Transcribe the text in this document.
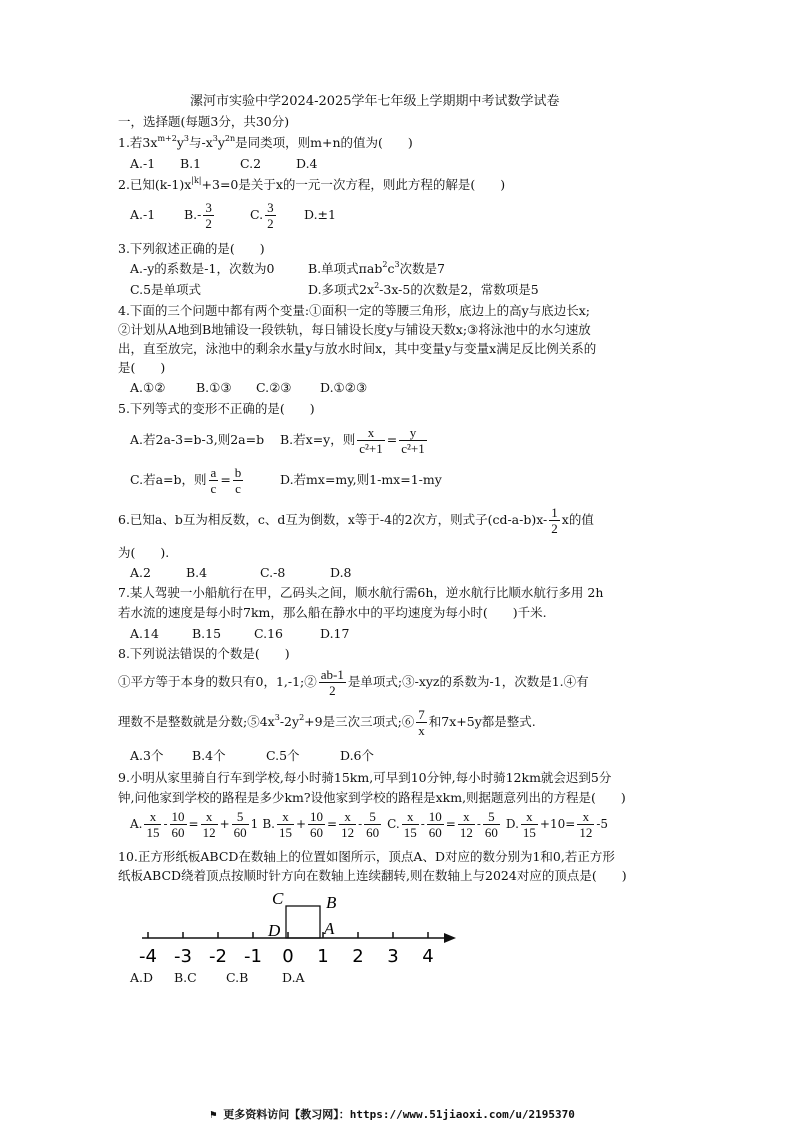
漯河市实验中学2024-2025学年七年级上学期期中考试数学试卷
一，选择题(每题3分，共30分)
1.若$3x^{m+2}y^3$与$-x^3y^{2n}$是同类项，则m+n的值为(　　)
A.-1 B.1	C.2	D.4
2.已知$(k-1)x^{|k|}+3=0$是关于x的一元一次方程，则此方程的解是(　　)
A.-1 $B.- \frac{3}{2}$	C. $\frac{3}{2} D.\pm 1$
3.下列叙述正确的是(　　)
A.-y的系数是-1，次数为0	B.单项式$\pi ab^2c^3$次数是7
C.5是单项式	D.多项式$2x^2-3x-5$的次数是2，常数项是5
4.下面的三个问题中都有两个变量:①面积一定的等腰三角形，底边上的高y与底边长x;
②计划从A地到B地铺设一段铁轨，每日铺设长度y与铺设天数x;③将泳池中的水匀速放
出，直至放完，泳池中的剩余水量y与放水时间x，其中变量y与变量x满足反比例关系的
是(　　)
A.①② B.①③ C.②③ D.①②③
5.下列等式的变形不正确的是(　　)
A.若2a-3=b-3,则2a=b B.若x=y，则 $\frac{x}{\text{c²+1}} = \frac{y}{\text{c²+1}}$
C.若a=b，则 $\frac{a}{c} = \frac{b}{c}$	D.若mx=my,则1-mx=1-my
6.已知a、b互为相反数，c、d互为倒数，x等于-4的2次方，则式子$(cd-a-b)x- \frac{1}{2}$ x的值
为(　　).
A.2	B.4	C.-8	D.8
7.某人驾驶一小船航行在甲，乙码头之间，顺水航行需6h，逆水航行比顺水航行多用 2h
若水流的速度是每小时7km，那么船在静水中的平均速度为每小时(　　)千米.
A.14	B.15	C.16	D.17
8.下列说法错误的个数是(　　)
①平方等于本身的数只有0，1,-1;② $\frac{ab-1}{2}$ 是单项式;③-xyz的系数为-1，次数是1.④有
理数不是整数就是分数$;⑤4x^3-2y^2+9$是三次三项式;⑥ $\frac{7}{x}$ 和7x+5y都是整式.
A.3个 B.4个	C.5个	D.6个
9.小明从家里骑自行车到学校,每小时骑15km,可早到10分钟,每小时骑12km就会迟到5分
钟,问他家到学校的路程是多少km?设他家到学校的路程是xkm,则据题意列出的方程是(　　)
A. $\frac{x}{15} - \frac{10}{60} = \frac{x}{12} + \frac{5}{60} 1$ B. $\frac{x}{15} + \frac{10}{60} = \frac{x}{12} - \frac{5}{60} C$. $\frac{x}{15} - \frac{10}{60} = \frac{x}{12} - \frac{5}{60} D$. $\frac{x}{15} +10= \frac{x}{12} -5$
10.正方形纸板ABCD在数轴上的位置如图所示，顶点A、D对应的数分别为1和0,若正方形
纸板ABCD绕着顶点按顺时针方向在数轴上连续翻转,则在数轴上与2024对应的顶点是(　　)
-4 -3 -2 -1 0 1 2 3 4
C	B
D	A
A.D B.C C.B	D.A
⚑ 更多资料访问【教习网】：https://www.51jiaoxi.com/u/2195370
